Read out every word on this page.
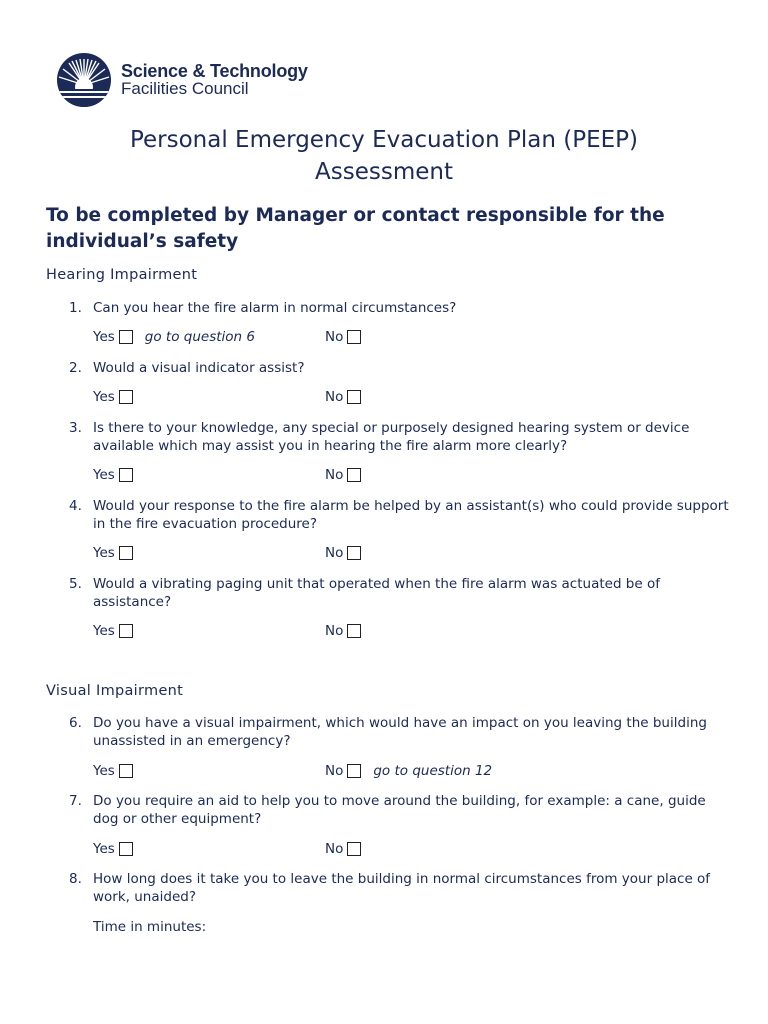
Science & Technology
Facilities Council
Personal Emergency Evacuation Plan (PEEP)
Assessment
To be completed by Manager or contact responsible for the individual’s safety
Hearing Impairment
1. Can you hear the fire alarm in normal circumstances?
Yes go to question 6	No
2. Would a visual indicator assist?
Yes	No
3. Is there to your knowledge, any special or purposely designed hearing system or device available which may assist you in hearing the fire alarm more clearly?
Yes	No
4. Would your response to the fire alarm be helped by an assistant(s) who could provide support in the fire evacuation procedure?
Yes	No
5. Would a vibrating paging unit that operated when the fire alarm was actuated be of assistance?
Yes	No
Visual Impairment
6. Do you have a visual impairment, which would have an impact on you leaving the building unassisted in an emergency?
Yes	No go to question 12
7. Do you require an aid to help you to move around the building, for example: a cane, guide dog or other equipment?
Yes	No
8. How long does it take you to leave the building in normal circumstances from your place of work, unaided?
Time in minutes:
